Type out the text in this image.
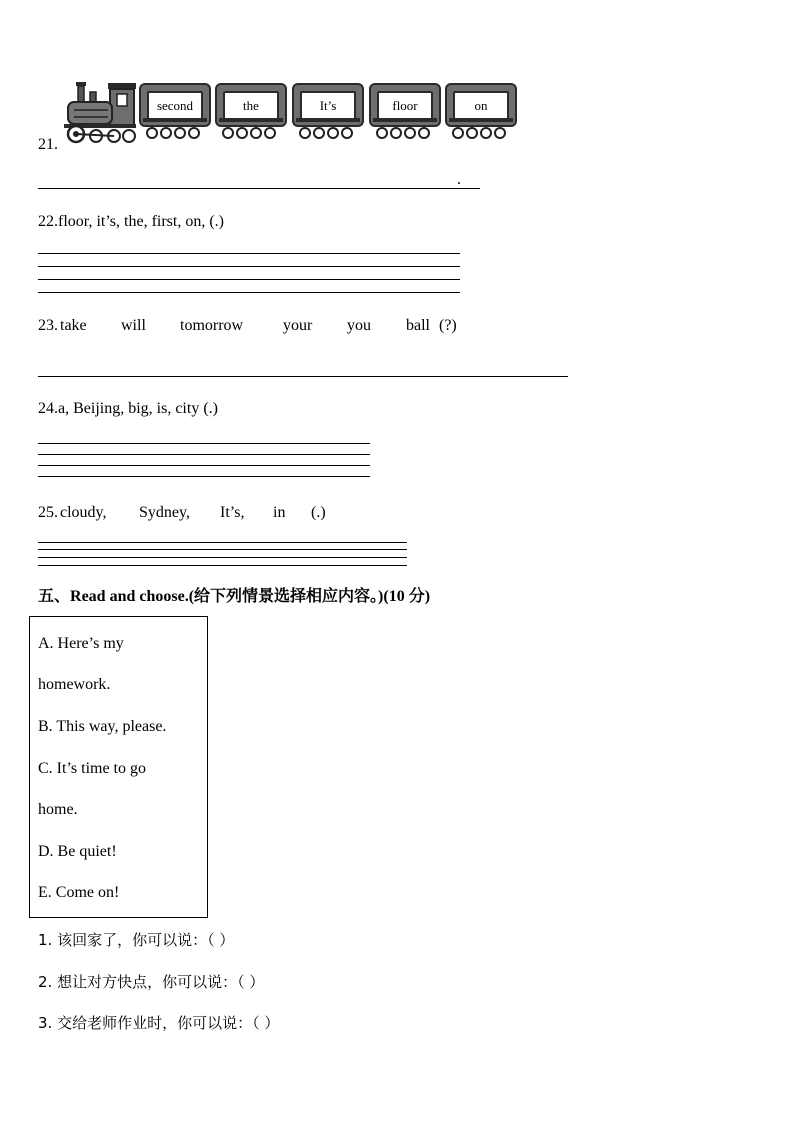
second	the	It’s	floor	on
21.
.
22.floor, it’s, the, first, on, (.)
23. take will tomorrow your you ball (?)
24.a, Beijing, big, is, city (.)
25. cloudy, Sydney, It’s, in (.)
五、Read and choose.(给下列情景选择相应内容。)(10 分)
A. Here’s my
homework.
B. This way, please.
C. It’s time to go
home.
D. Be quiet!
E. Come on!
1. 该回家了，你可以说：（ ）
2. 想让对方快点，你可以说：（ ）
3. 交给老师作业时，你可以说：（ ）
